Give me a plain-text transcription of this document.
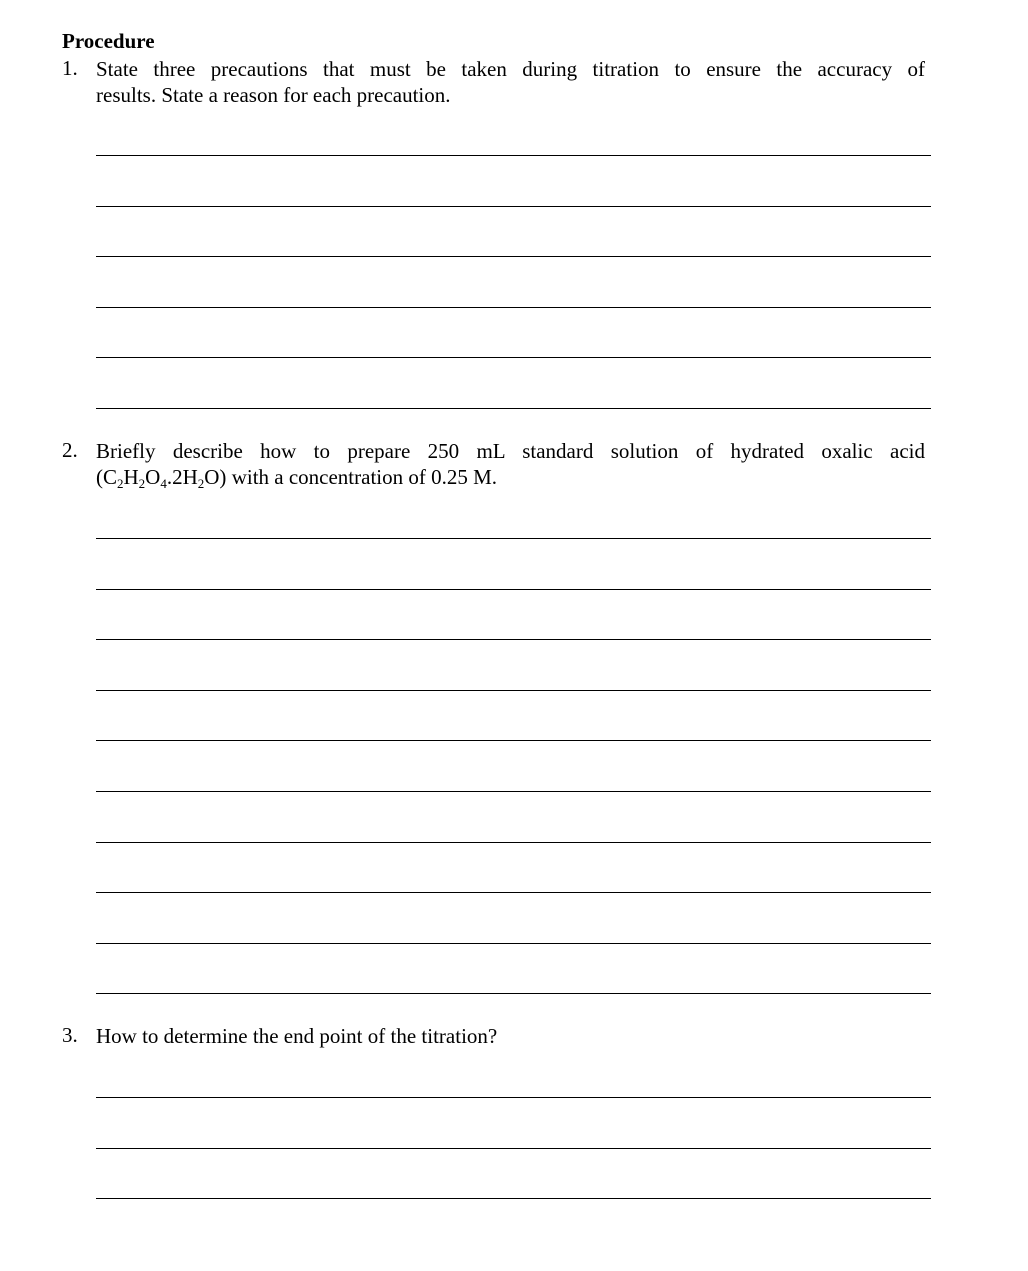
Procedure
1. State three precautions that must be taken during titration to ensure the accuracy of
results. State a reason for each precaution.
2. Briefly describe how to prepare 250 mL standard solution of hydrated oxalic acid
$(C_2H_2O_4.2H_2O)$ with a concentration of 0.25 M.
3. How to determine the end point of the titration?
